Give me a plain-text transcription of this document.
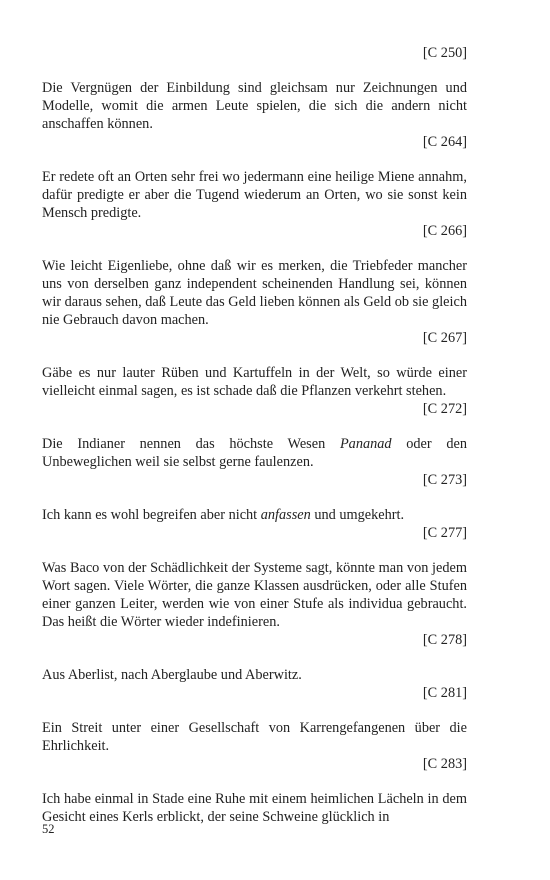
[C 250]

Die Vergnügen der Einbildung sind gleichsam nur Zeichnungen und Modelle, womit die armen Leute spielen, die sich die andern nicht anschaffen können.

[C 264]

Er redete oft an Orten sehr frei wo jedermann eine heilige Miene annahm, dafür predigte er aber die Tugend wiederum an Orten, wo sie sonst kein Mensch predigte.

[C 266]

Wie leicht Eigenliebe, ohne daß wir es merken, die Triebfeder mancher uns von derselben ganz independent scheinenden Handlung sei, können wir daraus sehen, daß Leute das Geld lieben können als Geld ob sie gleich nie Gebrauch davon machen.

[C 267]

Gäbe es nur lauter Rüben und Kartuffeln in der Welt, so würde einer vielleicht einmal sagen, es ist schade daß die Pflanzen verkehrt stehen.

[C 272]

Die Indianer nennen das höchste Wesen Pananad oder den Unbeweglichen weil sie selbst gerne faulenzen.

[C 273]

Ich kann es wohl begreifen aber nicht anfassen und umgekehrt.

[C 277]

Was Baco von der Schädlichkeit der Systeme sagt, könnte man von jedem Wort sagen. Viele Wörter, die ganze Klassen ausdrücken, oder alle Stufen einer ganzen Leiter, werden wie von einer Stufe als individua gebraucht. Das heißt die Wörter wieder indefinieren.

[C 278]

Aus Aberlist, nach Aberglaube und Aberwitz.

[C 281]

Ein Streit unter einer Gesellschaft von Karrengefangenen über die Ehrlichkeit.

[C 283]

Ich habe einmal in Stade eine Ruhe mit einem heimlichen Lächeln in dem Gesicht eines Kerls erblickt, der seine Schweine glücklich in

52
